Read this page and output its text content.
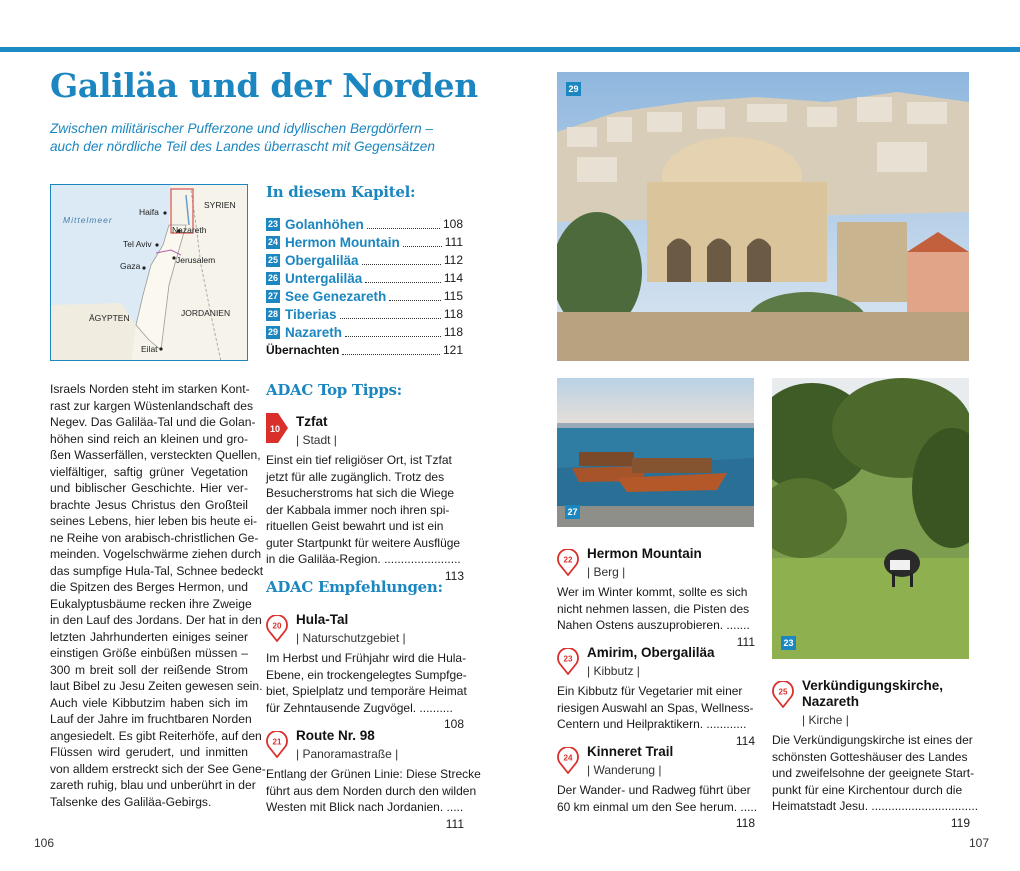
Galiläa und der Norden
Zwischen militärischer Pufferzone und idyllischen Bergdörfern –
auch der nördliche Teil des Landes überrascht mit Gegensätzen
Mittelmeer
Haifa
SYRIEN
Nazareth
Tel Aviv
Jerusalem
Gaza
ÄGYPTEN	JORDANIEN
Eilat
Israels Norden steht im starken Kont-
rast zur kargen Wüstenlandschaft des
Negev. Das Galiläa-Tal und die Golan-
höhen sind reich an kleinen und gro-
ßen Wasserfällen, versteckten Quellen,
vielfältiger, saftig grüner Vegetation
und biblischer Geschichte. Hier ver-
brachte Jesus Christus den Großteil
seines Lebens, hier leben bis heute ei-
ne Reihe von arabisch-christlichen Ge-
meinden. Vogelschwärme ziehen durch
das sumpfige Hula-Tal, Schnee bedeckt
die Spitzen des Berges Hermon, und
Eukalyptusbäume recken ihre Zweige
in den Lauf des Jordans. Der hat in den
letzten Jahrhunderten einiges seiner
einstigen Größe einbüßen müssen –
300 m breit soll der reißende Strom
laut Bibel zu Jesu Zeiten gewesen sein.
Auch viele Kibbutzim haben sich im
Lauf der Jahre im fruchtbaren Norden
angesiedelt. Es gibt Reiterhöfe, auf den
Flüssen wird gerudert, und inmitten
von alldem erstreckt sich der See Gene-
zareth ruhig, blau und unberührt in der
Talsenke des Galiläa-Gebirgs.
In diesem Kapitel:
23 Golanhöhen	108
24 Hermon Mountain	111
25 Obergaliläa	112
26 Untergaliläa	114
27 See Genezareth	115
28 Tiberias	118
29 Nazareth	118
Übernachten	121
ADAC Top Tipps:
10 Tzfat
| Stadt |
Einst ein tief religiöser Ort, ist Tzfat
jetzt für alle zugänglich. Trotz des
Besucherstroms hat sich die Wiege
der Kabbala immer noch ihren spi-
rituellen Geist bewahrt und ist ein
guter Startpunkt für weitere Ausflüge
in die Galiläa-Region. .......................
113
ADAC Empfehlungen:
20 Hula-Tal
| Naturschutzgebiet |
Im Herbst und Frühjahr wird die Hula-
Ebene, ein trockengelegtes Sumpfge-
biet, Spielplatz und temporäre Heimat
für Zehntausende Zugvögel. ..........
108
21 Route Nr. 98
| Panoramastraße |
Entlang der Grünen Linie: Diese Strecke
führt aus dem Norden durch den wilden
Westen mit Blick nach Jordanien. .....
111
22 Hermon Mountain
| Berg |
Wer im Winter kommt, sollte es sich
nicht nehmen lassen, die Pisten des
Nahen Ostens auszuprobieren. .......
111
23 Amirim, Obergaliläa
| Kibbutz |
Ein Kibbutz für Vegetarier mit einer
riesigen Auswahl an Spas, Wellness-
Centern und Heilpraktikern. ............
114
24 Kinneret Trail
| Wanderung |
Der Wander- und Radweg führt über
60 km einmal um den See herum. .....
118
25 Verkündigungskirche,
Nazareth
| Kirche |
Die Verkündigungskirche ist eines der
schönsten Gotteshäuser des Landes
und zweifelsohne der geeignete Start-
punkt für eine Kirchentour durch die
Heimatstadt Jesu. ................................
119
29
27
23
106	107
